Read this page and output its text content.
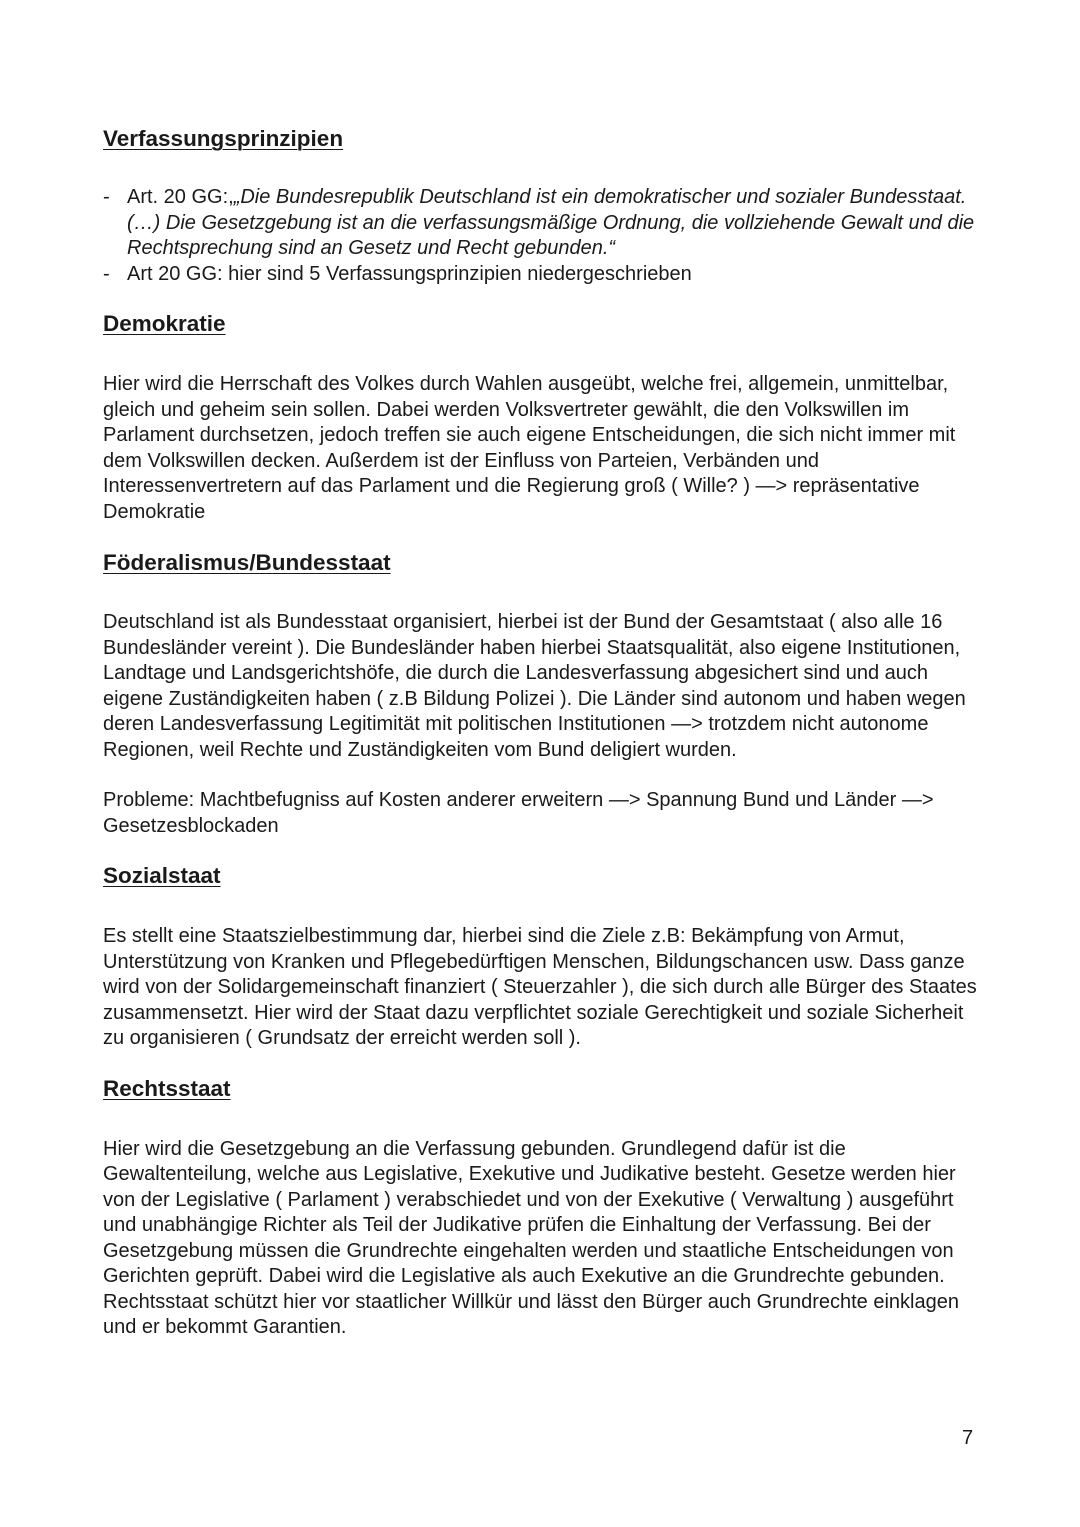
Verfassungsprinzipien
- Art. 20 GG:,„Die Bundesrepublik Deutschland ist ein demokratischer und sozialer Bundesstaat. (…) Die Gesetzgebung ist an die verfassungsmäßige Ordnung, die vollziehende Gewalt und die Rechtsprechung sind an Gesetz und Recht gebunden.“
- Art 20 GG: hier sind 5 Verfassungsprinzipien niedergeschrieben
Demokratie

Hier wird die Herrschaft des Volkes durch Wahlen ausgeübt, welche frei, allgemein, unmittelbar, gleich und geheim sein sollen. Dabei werden Volksvertreter gewählt, die den Volkswillen im Parlament durchsetzen, jedoch treffen sie auch eigene Entscheidungen, die sich nicht immer mit dem Volkswillen decken. Außerdem ist der Einfluss von Parteien, Verbänden und Interessenvertretern auf das Parlament und die Regierung groß ( Wille? ) —> repräsentative Demokratie

Föderalismus/Bundesstaat

Deutschland ist als Bundesstaat organisiert, hierbei ist der Bund der Gesamtstaat ( also alle 16 Bundesländer vereint ). Die Bundesländer haben hierbei Staatsqualität, also eigene Institutionen, Landtage und Landsgerichtshöfe, die durch die Landesverfassung abgesichert sind und auch eigene Zuständigkeiten haben ( z.B Bildung Polizei ). Die Länder sind autonom und haben wegen deren Landesverfassung Legitimität mit politischen Institutionen —> trotzdem nicht autonome Regionen, weil Rechte und Zuständigkeiten vom Bund deligiert wurden.

Probleme: Machtbefugniss auf Kosten anderer erweitern —> Spannung Bund und Länder —> Gesetzesblockaden

Sozialstaat

Es stellt eine Staatszielbestimmung dar, hierbei sind die Ziele z.B: Bekämpfung von Armut, Unterstützung von Kranken und Pflegebedürftigen Menschen, Bildungschancen usw. Dass ganze wird von der Solidargemeinschaft finanziert ( Steuerzahler ), die sich durch alle Bürger des Staates zusammensetzt. Hier wird der Staat dazu verpflichtet soziale Gerechtigkeit und soziale Sicherheit zu organisieren ( Grundsatz der erreicht werden soll ).

Rechtsstaat

Hier wird die Gesetzgebung an die Verfassung gebunden. Grundlegend dafür ist die Gewaltenteilung, welche aus Legislative, Exekutive und Judikative besteht. Gesetze werden hier von der Legislative ( Parlament ) verabschiedet und von der Exekutive ( Verwaltung ) ausgeführt und unabhängige Richter als Teil der Judikative prüfen die Einhaltung der Verfassung. Bei der Gesetzgebung müssen die Grundrechte eingehalten werden und staatliche Entscheidungen von Gerichten geprüft. Dabei wird die Legislative als auch Exekutive an die Grundrechte gebunden. Rechtsstaat schützt hier vor staatlicher Willkür und lässt den Bürger auch Grundrechte einklagen und er bekommt Garantien.

7
